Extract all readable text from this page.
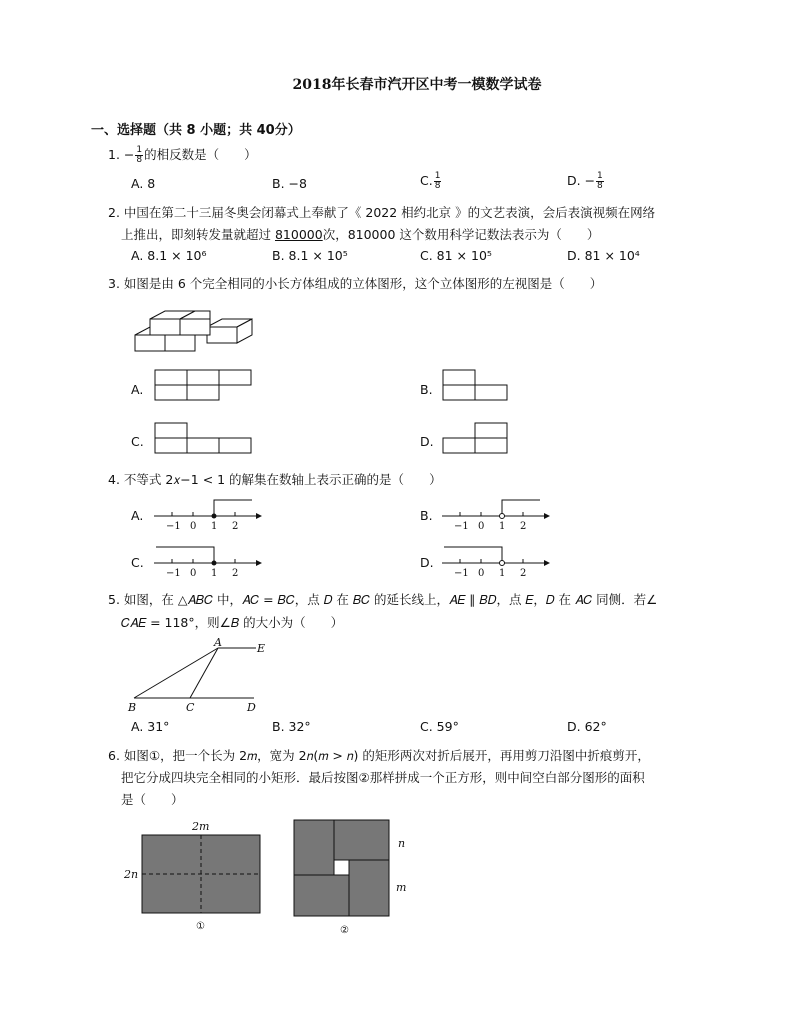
2018年长春市汽开区中考一模数学试卷
一、选择题（共 8 小题；共 40分）
1. − $\frac{1}{8}$ 的相反数是（　　）
A. 8	B. −8	C. $\frac{1}{8}$	D. − $\frac{1}{8}$
2. 中国在第二十三届冬奥会闭幕式上奉献了《 2022 相约北京 》的文艺表演，会后表演视频在网络
上推出，即刻转发量就超过 810000次，810000 这个数用科学记数法表示为（　　）
A. 8.1 × 10⁶	B. 8.1 × 10⁵	C. 81 × 10⁵	D. 81 × 10⁴
3. 如图是由 6 个完全相同的小长方体组成的立体图形，这个立体图形的左视图是（　　）
A.	B.
C.	D.
4. 不等式 2𝑥−1 < 1 的解集在数轴上表示正确的是（　　）
A.
−1 0 1 2
B.
−1 0 1 2
C.
−1 0 1 2
D.
−1 0 1 2
5. 如图，在 △𝐴𝐵𝐶 中，𝐴𝐶 = 𝐵𝐶，点 𝐷 在 𝐵𝐶 的延长线上，𝐴𝐸 ∥ 𝐵𝐷，点 𝐸，𝐷 在 𝐴𝐶 同侧．若∠
𝐶𝐴𝐸 = 118°，则∠𝐵 的大小为（　　）
A	E
B	C	D
A. 31°	B. 32°	C. 59°	D. 62°
6. 如图①，把一个长为 2𝑚，宽为 2𝑛(𝑚 > 𝑛) 的矩形两次对折后展开，再用剪刀沿图中折痕剪开，
把它分成四块完全相同的小矩形．最后按图②那样拼成一个正方形，则中间空白部分图形的面积
是（　　）
2m
2n
①
n
m
②
